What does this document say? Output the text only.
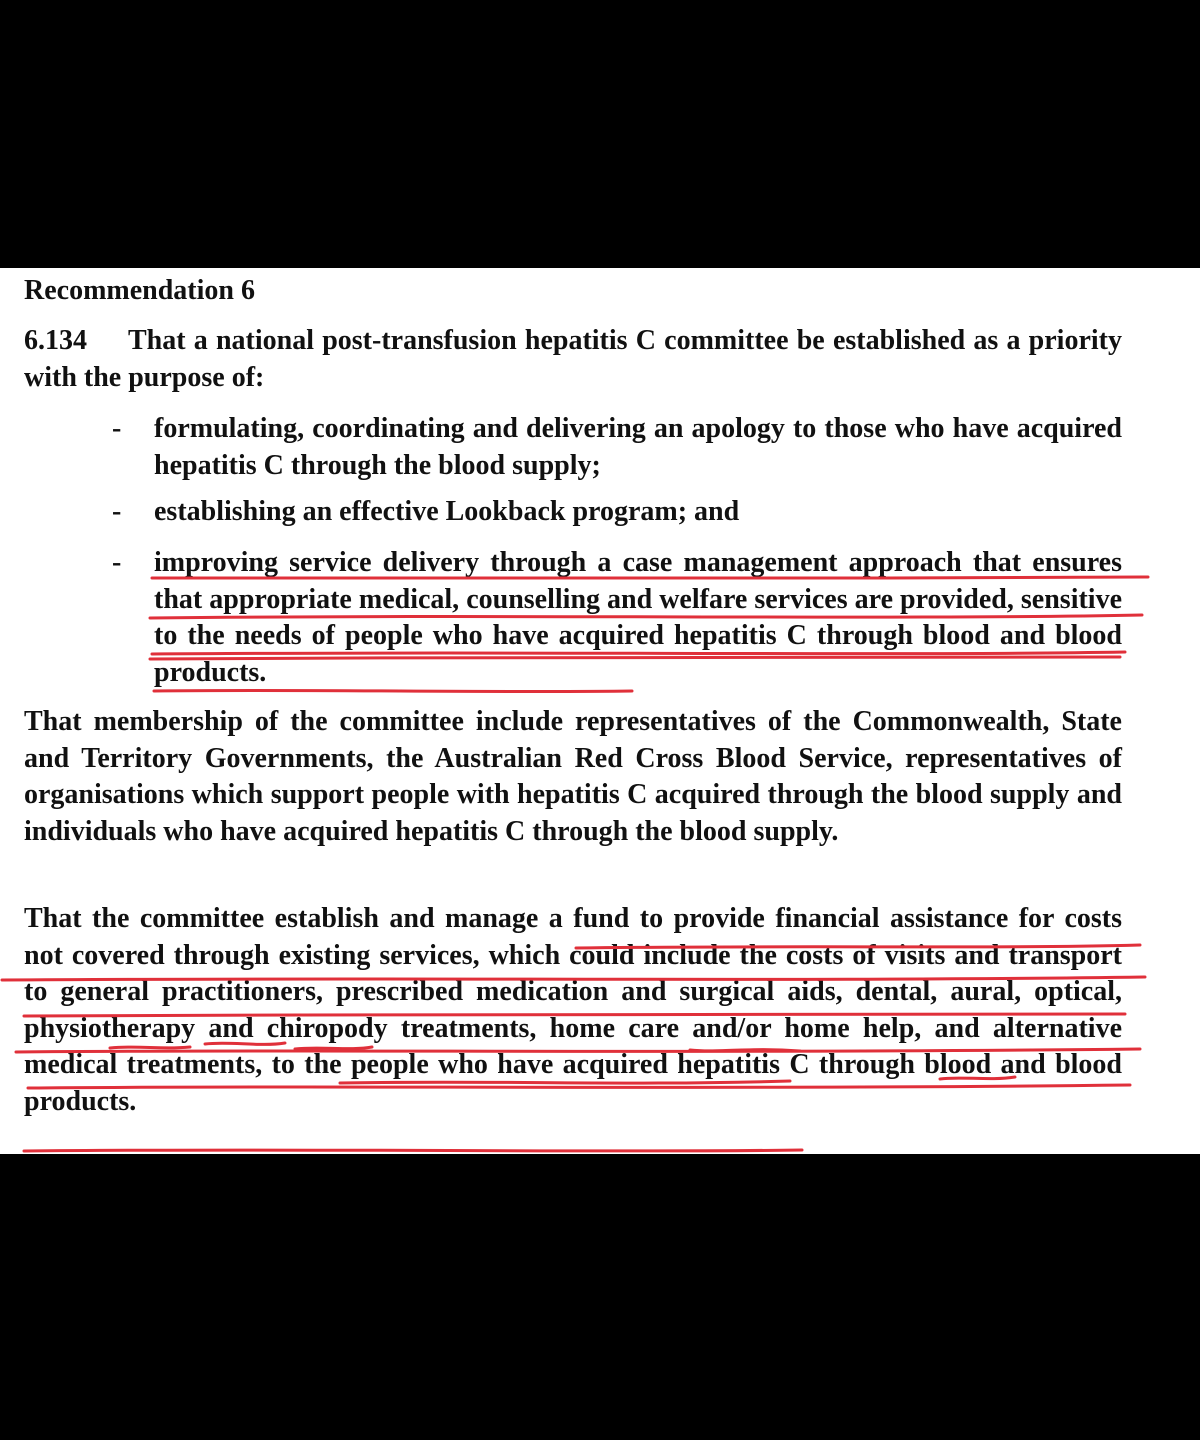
Recommendation 6
6.134 That a national post-transfusion hepatitis C committee be established as a priority with the purpose of:
- formulating, coordinating and delivering an apology to those who have acquired hepatitis C through the blood supply;
- establishing an effective Lookback program; and
- improving service delivery through a case management approach that ensures that appropriate medical, counselling and welfare services are provided, sensitive to the needs of people who have acquired hepatitis C through blood and blood products.
That membership of the committee include representatives of the Commonwealth, State and Territory Governments, the Australian Red Cross Blood Service, representatives of organisations which support people with hepatitis C acquired through the blood supply and individuals who have acquired hepatitis C through the blood supply.
That the committee establish and manage a fund to provide financial assistance for costs not covered through existing services, which could include the costs of visits and transport to general practitioners, prescribed medication and surgical aids, dental, aural, optical, physiotherapy and chiropody treatments, home care and/or home help, and alternative medical treatments, to the people who have acquired hepatitis C through blood and blood products.
